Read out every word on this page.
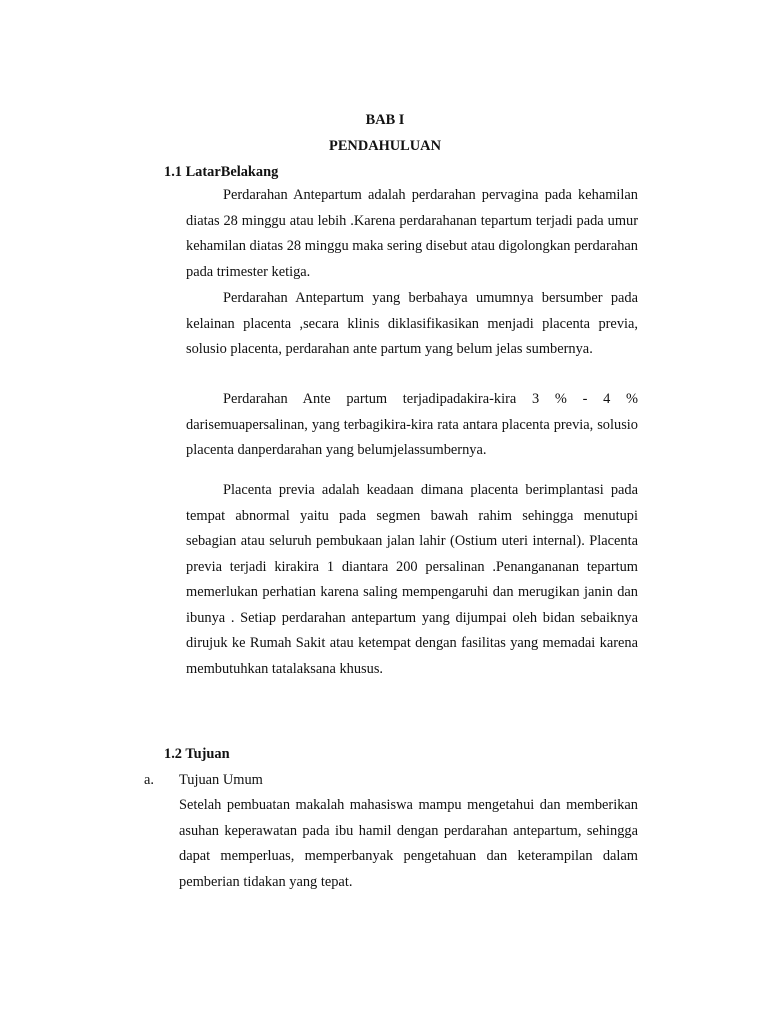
BAB I
PENDAHULUAN
1.1 LatarBelakang
Perdarahan Antepartum adalah perdarahan pervagina pada kehamilan diatas 28 minggu atau lebih .Karena perdarahanan tepartum terjadi pada umur kehamilan diatas 28 minggu maka sering disebut atau digolongkan perdarahan pada trimester ketiga.
Perdarahan Antepartum yang berbahaya umumnya bersumber pada kelainan placenta ,secara klinis diklasifikasikan menjadi placenta previa, solusio placenta, perdarahan ante partum yang belum jelas sumbernya.
Perdarahan Ante partum terjadipadakira-kira 3 % - 4 % darisemuapersalinan, yang terbagikira-kira rata antara placenta previa, solusio placenta danperdarahan yang belumjelassumbernya.
Placenta previa adalah keadaan dimana placenta berimplantasi pada tempat abnormal yaitu pada segmen bawah rahim sehingga menutupi sebagian atau seluruh pembukaan jalan lahir (Ostium uteri internal). Placenta previa terjadi kirakira 1 diantara 200 persalinan .Penangananan tepartum memerlukan perhatian karena saling mempengaruhi dan merugikan janin dan ibunya . Setiap perdarahan antepartum yang dijumpai oleh bidan sebaiknya dirujuk ke Rumah Sakit atau ketempat dengan fasilitas yang memadai karena membutuhkan tatalaksana khusus.
1.2 Tujuan
a. Tujuan Umum
Setelah pembuatan makalah mahasiswa mampu mengetahui dan memberikan asuhan keperawatan pada ibu hamil dengan perdarahan antepartum, sehingga dapat memperluas, memperbanyak pengetahuan dan keterampilan dalam pemberian tidakan yang tepat.
